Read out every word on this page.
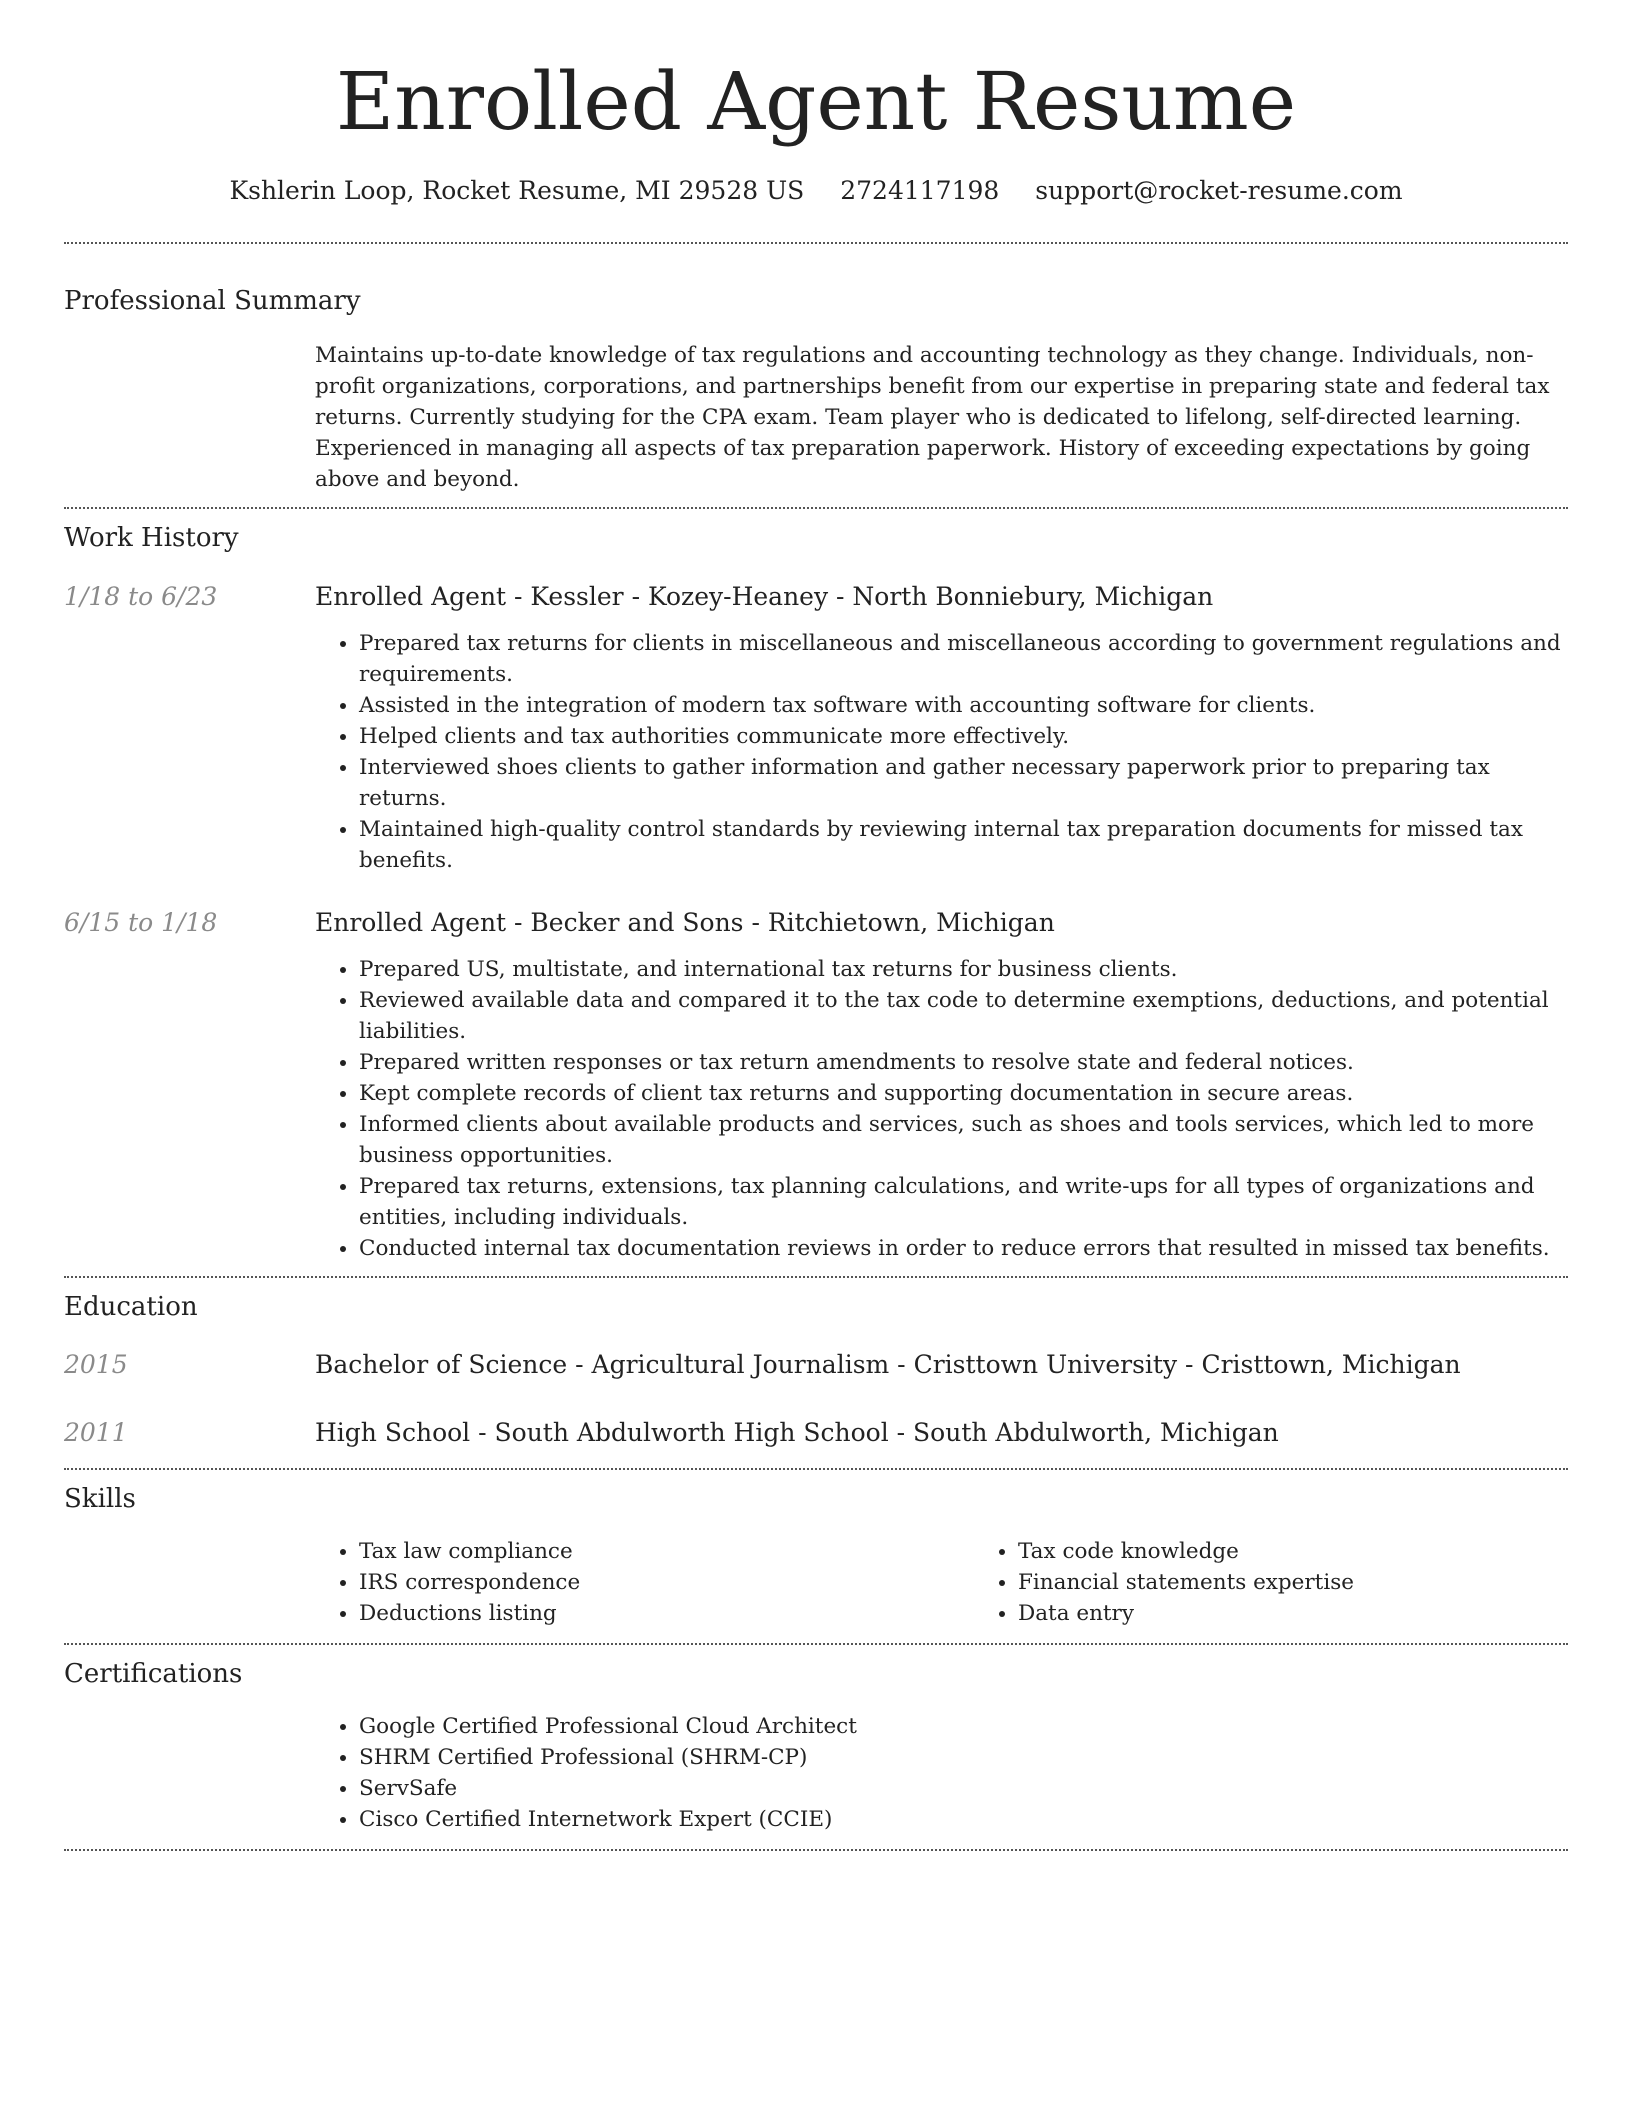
Enrolled Agent Resume
Kshlerin Loop, Rocket Resume, MI 29528 US 2724117198 support@rocket-resume.com
Professional Summary

Maintains up-to-date knowledge of tax regulations and accounting technology as they change. Individuals, non-profit organizations, corporations, and partnerships benefit from our expertise in preparing state and federal tax returns. Currently studying for the CPA exam. Team player who is dedicated to lifelong, self-directed learning. Experienced in managing all aspects of tax preparation paperwork. History of exceeding expectations by going above and beyond.

Work History
1/18 to 6/23	Enrolled Agent - Kessler - Kozey-Heaney - North Bonniebury, Michigan
• Prepared tax returns for clients in miscellaneous and miscellaneous according to government regulations and requirements.
• Assisted in the integration of modern tax software with accounting software for clients.
• Helped clients and tax authorities communicate more effectively.
• Interviewed shoes clients to gather information and gather necessary paperwork prior to preparing tax returns.
• Maintained high-quality control standards by reviewing internal tax preparation documents for missed tax benefits.
6/15 to 1/18	Enrolled Agent - Becker and Sons - Ritchietown, Michigan
• Prepared US, multistate, and international tax returns for business clients.
• Reviewed available data and compared it to the tax code to determine exemptions, deductions, and potential liabilities.
• Prepared written responses or tax return amendments to resolve state and federal notices.
• Kept complete records of client tax returns and supporting documentation in secure areas.
• Informed clients about available products and services, such as shoes and tools services, which led to more business opportunities.
• Prepared tax returns, extensions, tax planning calculations, and write-ups for all types of organizations and entities, including individuals.
• Conducted internal tax documentation reviews in order to reduce errors that resulted in missed tax benefits.
Education
2015	Bachelor of Science - Agricultural Journalism - Cristtown University - Cristtown, Michigan
2011	High School - South Abdulworth High School - South Abdulworth, Michigan
Skills
• Tax law compliance
• IRS correspondence
• Deductions listing
• Tax code knowledge
• Financial statements expertise
• Data entry
Certifications
• Google Certified Professional Cloud Architect
• SHRM Certified Professional (SHRM-CP)
• ServSafe
• Cisco Certified Internetwork Expert (CCIE)
